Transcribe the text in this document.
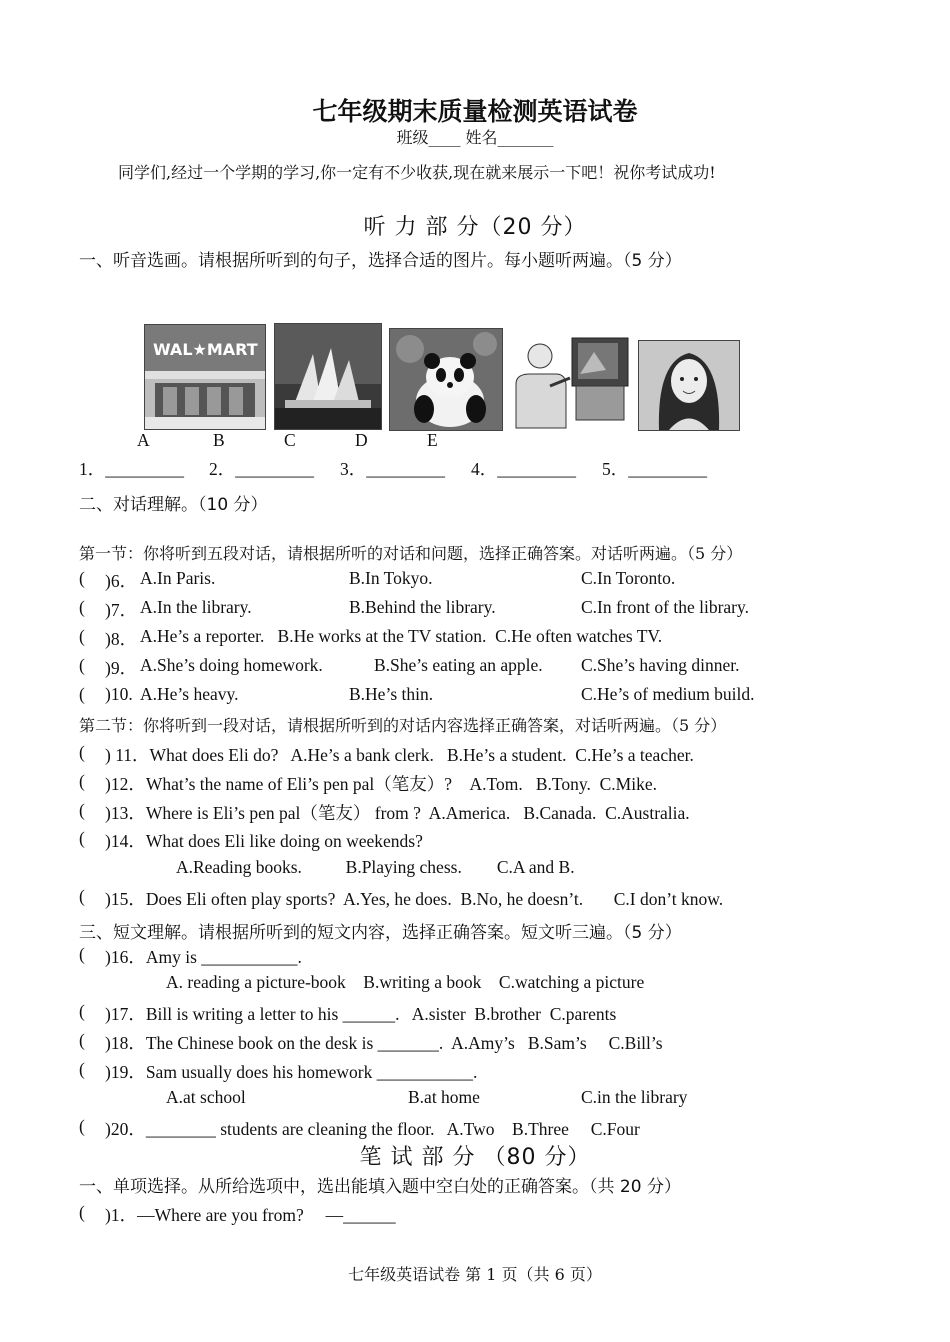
七年级期末质量检测英语试卷
班级____ 姓名_______
同学们,经过一个学期的学习,你一定有不少收获,现在就来展示一下吧！祝你考试成功!
听 力 部 分（20 分）
一、听音选画。请根据所听到的句子，选择合适的图片。每小题听两遍。（5 分）
WAL★MART
A	B	C	D	E
1．_________ 2．_________ 3．_________ 4．_________ 5．_________
二、对话理解。（10 分）
第一节：你将听到五段对话，请根据所听的对话和问题，选择正确答案。对话听两遍。（5 分）
( )6． A.In Paris.	B.In Tokyo.	C.In Toronto.
( )7． A.In the library.	B.Behind the library.	C.In front of the library.
( )8． A.He’s a reporter.   B.He works at the TV station.  C.He often watches TV.
( )9． A.She’s doing homework.	B.She’s eating an apple. C.She’s having dinner.
( )10. A.He’s heavy.	B.He’s thin.	C.He’s of medium build.
第二节：你将听到一段对话，请根据所听到的对话内容选择正确答案，对话听两遍。（5 分）
( ) 11．What does Eli do?   A.He’s a bank clerk.   B.He’s a student.  C.He’s a teacher.
( )12．What’s the name of Eli’s pen pal（笔友）?    A.Tom.   B.Tony.  C.Mike.
( )13．Where is Eli’s pen pal（笔友） from ?  A.America.   B.Canada.  C.Australia.
( )14．What does Eli like doing on weekends?
A.Reading books.          B.Playing chess.        C.A and B.
( )15．Does Eli often play sports?  A.Yes, he does.  B.No, he doesn’t.       C.I don’t know.
三、短文理解。请根据所听到的短文内容，选择正确答案。短文听三遍。（5 分）
( )16．Amy is ___________.
A. reading a picture-book    B.writing a book    C.watching a picture
( )17．Bill is writing a letter to his ______.   A.sister  B.brother  C.parents
( )18．The Chinese book on the desk is _______.  A.Amy’s   B.Sam’s     C.Bill’s
( )19．Sam usually does his homework ___________.
A.at school	B.at home	C.in the library
( )20．________ students are cleaning the floor.   A.Two    B.Three     C.Four
笔 试 部 分 （80 分）
一、单项选择。从所给选项中，选出能填入题中空白处的正确答案。（共 20 分）
( )1．—Where are you from?     —______
七年级英语试卷 第 1 页（共 6 页）
